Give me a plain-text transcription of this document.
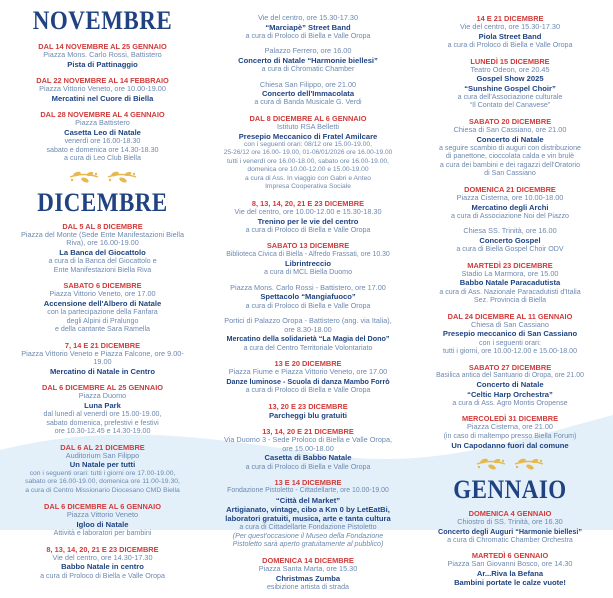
NOVEMBRE
DAL 14 NOVEMBRE AL 25 GENNAIO
Piazza Mons. Carlo Rossi, Battistero
Pista di Pattinaggio
DAL 22 NOVEMBRE AL 14 FEBBRAIO
Piazza Vittorio Veneto, ore 10.00-19.00
Mercatini nel Cuore di Biella
DAL 28 NOVEMBRE AL 4 GENNAIO
Piazza Battistero
Casetta Leo di Natale
venerdì ore 16.00-18.30
sabato e domenica ore 14.30-18.30
a cura di Leo Club Biella
DICEMBRE
DAL 5 AL 8 DICEMBRE
Piazza del Monte (Sede Ente Manifestazioni Biella Riva), ore 16.00-19.00
La Banca del Giocattolo
a cura di la Banca del Giocattolo e
Ente Manifestazioni Biella Riva
SABATO 6 DICEMBRE
Piazza Vittorio Veneto, ore 17.00
Accensione dell'Albero di Natale
con la partecipazione della Fanfara
degli Alpini di Pralungo
e della cantante Sara Ramella
7, 14 E 21 DICEMBRE
Piazza Vittorio Veneto e Piazza Falcone, ore 9.00-19.00
Mercatino di Natale in Centro
DAL 6 DICEMBRE AL 25 GENNAIO
Piazza Duomo
Luna Park
dal lunedì al venerdì ore 15.00-19.00,
sabato domenica, prefestivi e festivi
ore 10.30-12.45 e 14.30-19.00
DAL 6 AL 21 DICEMBRE
Auditorium San Filippo
Un Natale per tutti
con i seguenti orari: tutti i giorni ore 17.00-19.00,
sabato ore 16.00-19.00, domenica ore 11.00-19.30,
a cura di Centro Missionario Diocesano CMD Biella
DAL 6 DICEMBRE AL 6 GENNAIO
Piazza Vittorio Veneto
Igloo di Natale
Attività e laboratori per bambini
8, 13, 14, 20, 21 E 23 DICEMBRE
Vie del centro, ore 14.30-17.30
Babbo Natale in centro
a cura di Proloco di Biella e Valle Oropa
Vie del centro, ore 15.30-17.30
“Marciapè” Street Band
a cura di Proloco di Biella e Valle Oropa
Palazzo Ferrero, ore 16.00
Concerto di Natale “Harmonie biellesi”
a cura di Chromatic Chamber
Chiesa San Filippo, ore 21.00
Concerto dell'Immacolata
a cura di Banda Musicale G. Verdi
DAL 8 DICEMBRE AL 6 GENNAIO
Istituto RSA Belletti
Presepio Meccanico di Fratel Amilcare
con i seguenti orari: 08/12 ore 15.00-19.00,
25-26/12 ore 16.00- 19.00, 01-06/01/2026 ore 16.00-19.00
tutti i venerdì ore 16.00-18.00, sabato ore 16.00-19.00,
domenica ore 10.00-12.00 e 15.00-19.00
a cura di Ass. In viaggio con Gabri e Anteo
Impresa Cooperativa Sociale
8, 13, 14, 20, 21 E 23 DICEMBRE
Vie del centro, ore 10.00-12.00 e 15.30-18.30
Trenino per le vie del centro
a cura di Proloco di Biella e Valle Oropa
SABATO 13 DICEMBRE
Biblioteca Civica di Biella - Alfredo Frassati, ore 10.30
Librintreccio
a cura di MCL Biella Duomo
Piazza Mons. Carlo Rossi - Battistero, ore 17.00
Spettacolo “Mangiafuoco”
a cura di Proloco di Biella e Valle Oropa
Portici di Palazzo Oropa - Battistero (ang. via Italia), ore 8.30-18.00
Mercatino della solidarietà “La Magia del Dono”
a cura del Centro Territoriale Volontariato
13 E 20 DICEMBRE
Piazza Fiume e Piazza Vittorio Veneto, ore 17.00
Danze luminose - Scuola di danza Mambo Forrò
a cura di Proloco di Biella e Valle Oropa
13, 20 E 23 DICEMBRE
Parcheggi blu gratuiti
13, 14, 20 E 21 DICEMBRE
Via Duomo 3 - Sede Proloco di Biella e Valle Oropa, ore 15.00-18.00
Casetta di Babbo Natale
a cura di Proloco di Biella e Valle Oropa
13 E 14 DICEMBRE
Fondazione Pistoletto - Cittadellarte, ore 10.00-19.00
“Città del Market”
Artigianato, vintage, cibo a Km 0 by LetEatBi, laboratori gratuiti, musica, arte e tanta cultura
a cura di Cittadellarte Fondazione Pistoletto
(Per quest'occasione il Museo della Fondazione Pistoletto sarà aperto gratuitamente al pubblico)
DOMENICA 14 DICEMBRE
Piazza Santa Marta, ore 15.30
Christmas Zumba
esibizione artista di strada
14 E 21 DICEMBRE
Vie del centro, ore 15.30-17.30
Piola Street Band
a cura di Proloco di Biella e Valle Oropa
LUNEDÌ 15 DICEMBRE
Teatro Odeon, ore 20.45
Gospel Show 2025
“Sunshine Gospel Choir”
a cura dell'Associazione culturale
“Il Contato del Canavese”
SABATO 20 DICEMBRE
Chiesa di San Cassiano, ore 21.00
Concerto di Natale
a seguire scambio di auguri con distribuzione
di panettone, cioccolata calda e vin brulè
a cura dei bambini e dei ragazzi dell'Oratorio
di San Cassiano
DOMENICA 21 DICEMBRE
Piazza Cisterna, ore 10.00-18.00
Mercatino degli Archi
a cura di Associazione Noi del Piazzo
Chiesa SS. Trinità, ore 16.00
Concerto Gospel
a cura di Biella Gospel Choir ODV
MARTEDÌ 23 DICEMBRE
Stadio La Marmora, ore 15.00
Babbo Natale Paracadutista
a cura di Ass. Nazionale Paracadutisti d'Italia
Sez. Provincia di Biella
DAL 24 DICEMBRE AL 11 GENNAIO
Chiesa di San Cassiano
Presepio meccanico di San Cassiano
con i seguenti orari:
tutti i giorni, ore 10.00-12.00 e 15.00-18.00
SABATO 27 DICEMBRE
Basilica antica del Santuario di Oropa, ore 21.00
Concerto di Natale
“Celtic Harp Orchestra”
a cura di Ass. Agro Montis Oropense
MERCOLEDÌ 31 DICEMBRE
Piazza Cisterna, ore 21.00
(in caso di maltempo presso Biella Forum)
Un Capodanno fuori dal comune
GENNAIO
DOMENICA 4 GENNAIO
Chiostro di SS. Trinità, ore 16.30
Concerto degli Auguri “Harmonie biellesi”
a cura di Chromatic Chamber Orchestra
MARTEDÌ 6 GENNAIO
Piazza San Giovanni Bosco, ore 14.30
Ar...Riva la Befana
Bambini portate le calze vuote!
